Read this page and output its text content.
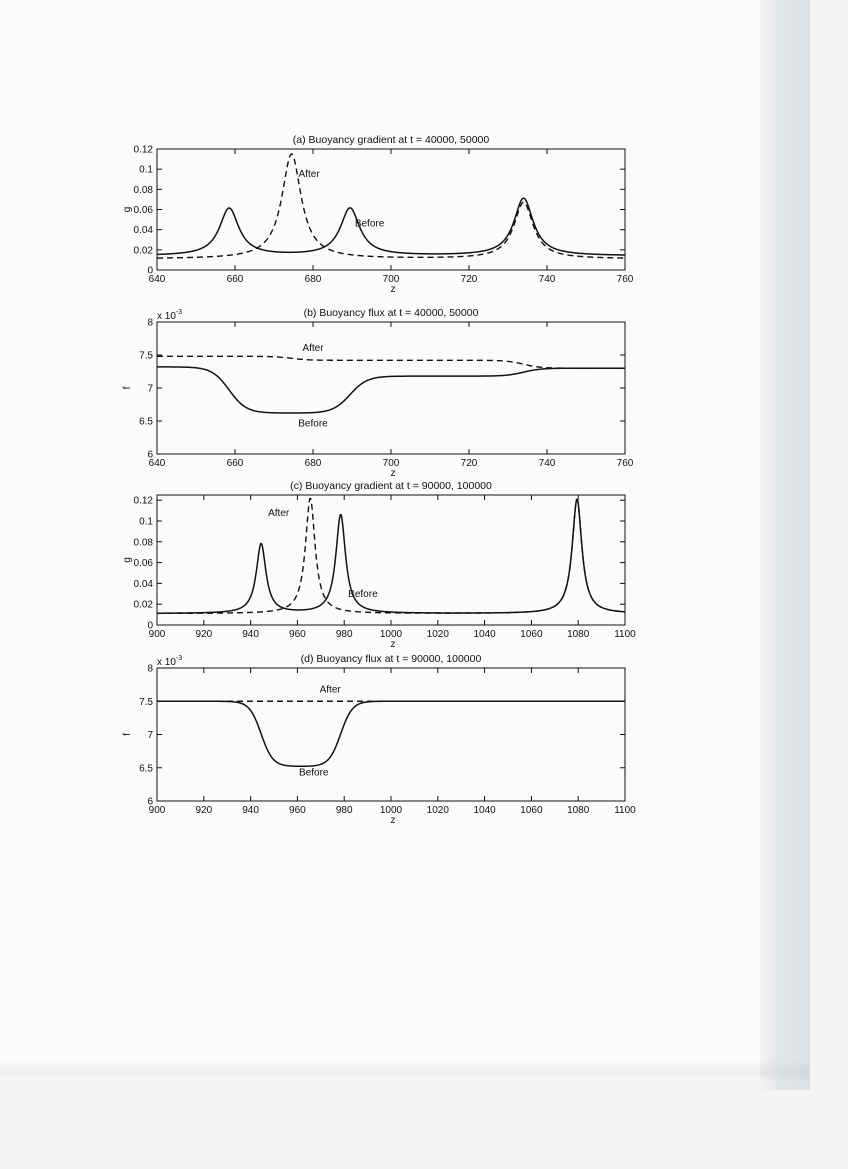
640	660	680	700	720	740	760
0
0.02
0.04
0.06
0.08
0.1
0.12
(a) Buoyancy gradient at t = 40000, 50000
z
g
After
Before
640	660	680	700	720	740	760
6
6.5
7
7.5
8
(b) Buoyancy flux at t = 40000, 50000
z
f
x $10^{-3}$
After
Before
900	920	940	960	980	1000 1020 1040 1060 1080 1100
0
0.02
0.04
0.06
0.08
0.1
0.12
(c) Buoyancy gradient at t = 90000, 100000
z
g
After
Before
900	920	940	960	980	1000 1020 1040 1060 1080 1100
6
6.5
7
7.5
8
(d) Buoyancy flux at t = 90000, 100000
z
f
x $10^{-3}$
After
Before
